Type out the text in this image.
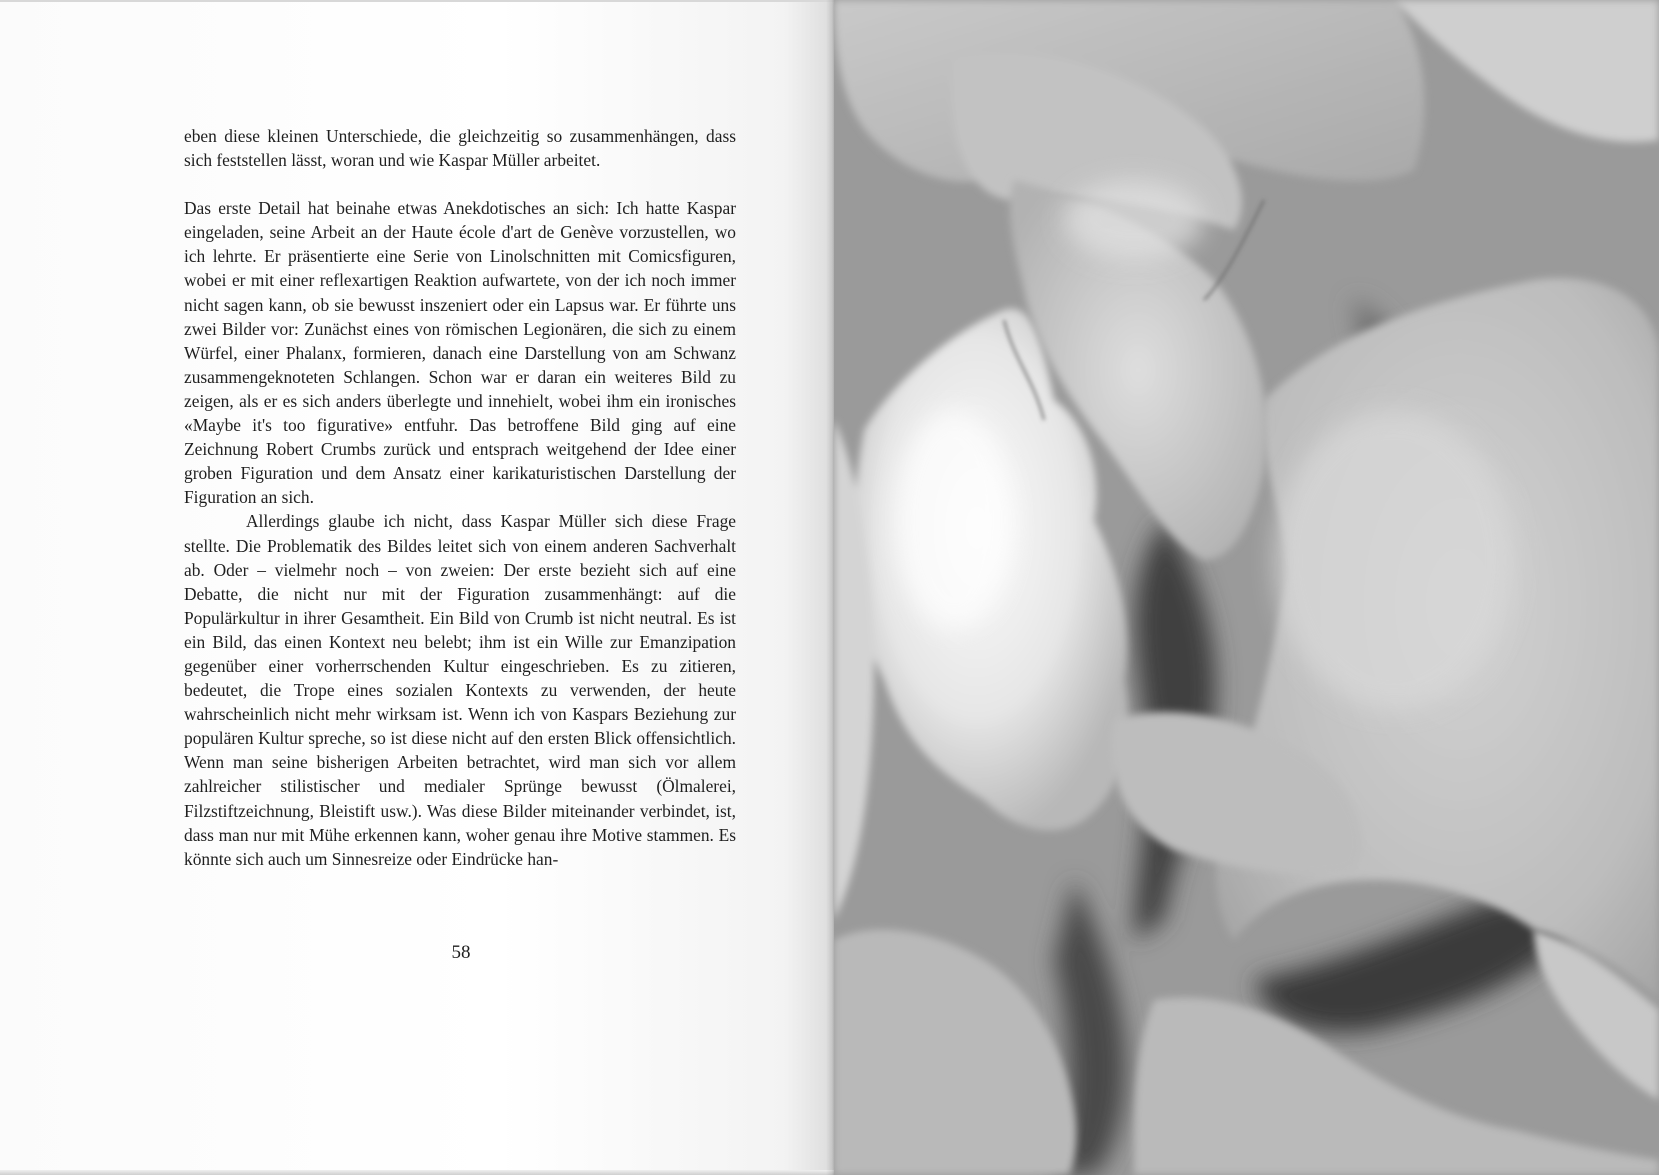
eben diese kleinen Unterschiede, die gleichzeitig so zusammenhängen, dass sich feststellen lässt, woran und wie Kaspar Müller arbeitet.

Das erste Detail hat beinahe etwas Anekdotisches an sich: Ich hatte Kaspar eingeladen, seine Arbeit an der Haute école d'art de Genève vorzustellen, wo ich lehrte. Er präsentierte eine Serie von Linolschnitten mit Comicsfiguren, wobei er mit einer reflexartigen Reaktion aufwartete, von der ich noch immer nicht sagen kann, ob sie bewusst inszeniert oder ein Lapsus war. Er führte uns zwei Bilder vor: Zunächst eines von römischen Legionären, die sich zu einem Würfel, einer Phalanx, formieren, danach eine Darstellung von am Schwanz zusammengeknoteten Schlangen. Schon war er daran ein weiteres Bild zu zeigen, als er es sich anders überlegte und innehielt, wobei ihm ein ironisches «Maybe it's too figurative» entfuhr. Das betroffene Bild ging auf eine Zeichnung Robert Crumbs zurück und entsprach weitgehend der Idee einer groben Figuration und dem Ansatz einer karikaturistischen Darstellung der Figuration an sich.

Allerdings glaube ich nicht, dass Kaspar Müller sich diese Frage stellte. Die Problematik des Bildes leitet sich von einem anderen Sachverhalt ab. Oder – vielmehr noch – von zweien: Der erste bezieht sich auf eine Debatte, die nicht nur mit der Figuration zusammenhängt: auf die Populärkultur in ihrer Gesamtheit. Ein Bild von Crumb ist nicht neutral. Es ist ein Bild, das einen Kontext neu belebt; ihm ist ein Wille zur Emanzipation gegenüber einer vorherrschenden Kultur eingeschrieben. Es zu zitieren, bedeutet, die Trope eines sozialen Kontexts zu verwenden, der heute wahrscheinlich nicht mehr wirksam ist. Wenn ich von Kaspars Beziehung zur populären Kultur spreche, so ist diese nicht auf den ersten Blick offensichtlich. Wenn man seine bisherigen Arbeiten betrachtet, wird man sich vor allem zahlreicher stilistischer und medialer Sprünge bewusst (Ölmalerei, Filzstiftzeichnung, Bleistift usw.). Was diese Bilder miteinander verbindet, ist, dass man nur mit Mühe erkennen kann, woher genau ihre Motive stammen. Es könnte sich auch um Sinnesreize oder Eindrücke han-

58
